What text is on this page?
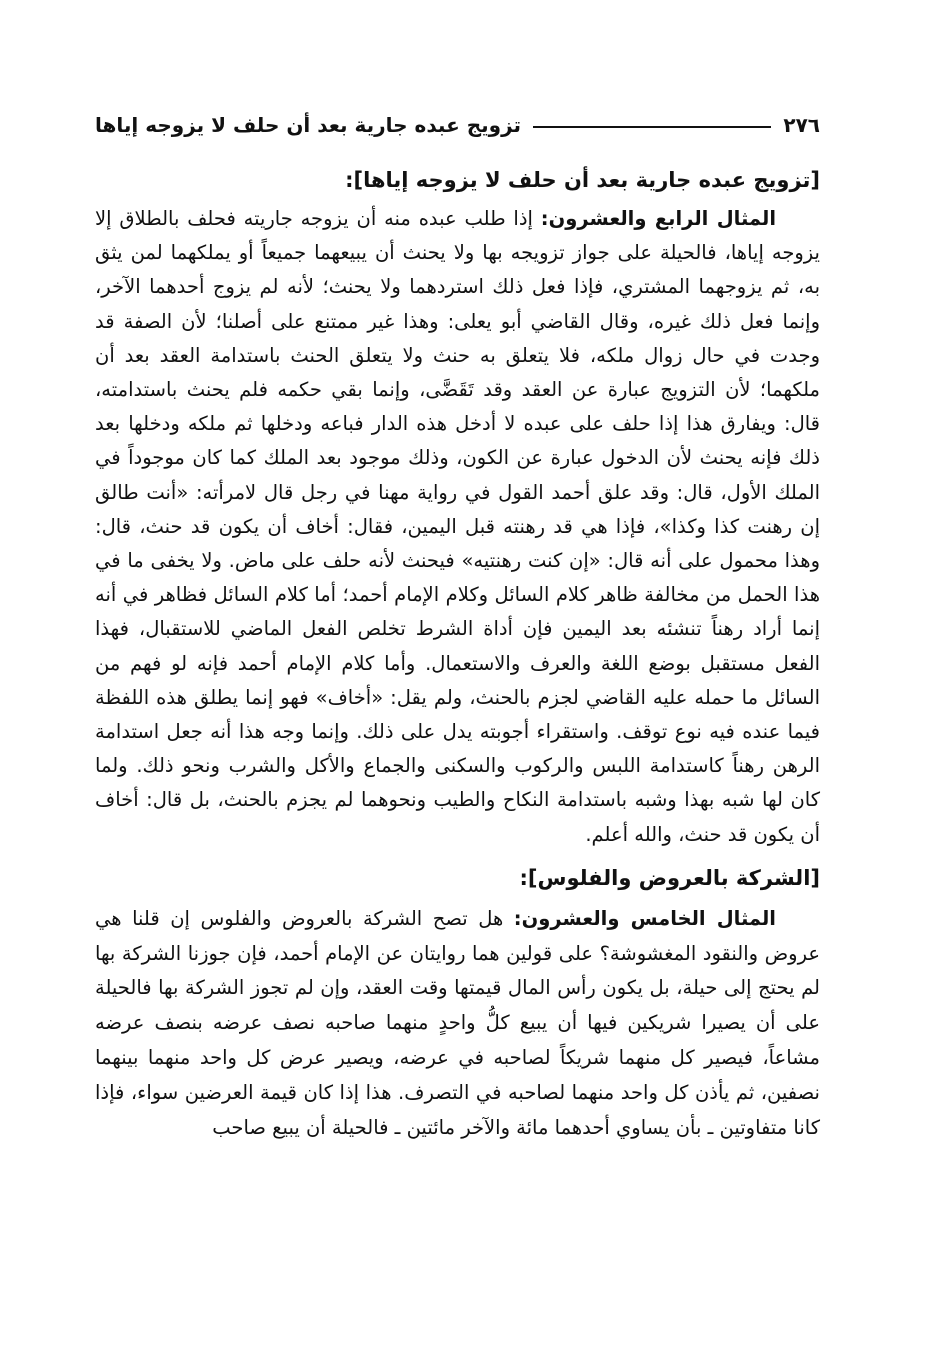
٢٧٦
تزويج عبده جارية بعد أن حلف لا يزوجه إياها
[تزويج عبده جارية بعد أن حلف لا يزوجه إياها]:

المثال الرابع والعشرون: إذا طلب عبده منه أن يزوجه جاريته فحلف بالطلاق إلا يزوجه إياها، فالحيلة على جواز تزويجه بها ولا يحنث أن يبيعهما جميعاً أو يملكهما لمن يثق به، ثم يزوجهما المشتري، فإذا فعل ذلك استردهما ولا يحنث؛ لأنه لم يزوج أحدهما الآخر، وإنما فعل ذلك غيره، وقال القاضي أبو يعلى: وهذا غير ممتنع على أصلنا؛ لأن الصفة قد وجدت في حال زوال ملكه، فلا يتعلق به حنث ولا يتعلق الحنث باستدامة العقد بعد أن ملكهما؛ لأن التزويج عبارة عن العقد وقد تَقَضَّى، وإنما بقي حكمه فلم يحنث باستدامته، قال: ويفارق هذا إذا حلف على عبده لا أدخل هذه الدار فباعه ودخلها ثم ملكه ودخلها بعد ذلك فإنه يحنث لأن الدخول عبارة عن الكون، وذلك موجود بعد الملك كما كان موجوداً في الملك الأول، قال: وقد علق أحمد القول في رواية مهنا في رجل قال لامرأته: «أنت طالق إن رهنت كذا وكذا»، فإذا هي قد رهنته قبل اليمين، فقال: أخاف أن يكون قد حنث، قال: وهذا محمول على أنه قال: «إن كنت رهنتيه» فيحنث لأنه حلف على ماض. ولا يخفى ما في هذا الحمل من مخالفة ظاهر كلام السائل وكلام الإمام أحمد؛ أما كلام السائل فظاهر في أنه إنما أراد رهناً تنشئه بعد اليمين فإن أداة الشرط تخلص الفعل الماضي للاستقبال، فهذا الفعل مستقبل بوضع اللغة والعرف والاستعمال. وأما كلام الإمام أحمد فإنه لو فهم من السائل ما حمله عليه القاضي لجزم بالحنث، ولم يقل: «أخاف» فهو إنما يطلق هذه اللفظة فيما عنده فيه نوع توقف. واستقراء أجوبته يدل على ذلك. وإنما وجه هذا أنه جعل استدامة الرهن رهناً كاستدامة اللبس والركوب والسكنى والجماع والأكل والشرب ونحو ذلك. ولما كان لها شبه بهذا وشبه باستدامة النكاح والطيب ونحوهما لم يجزم بالحنث، بل قال: أخاف أن يكون قد حنث، والله أعلم.

[الشركة بالعروض والفلوس]:

المثال الخامس والعشرون: هل تصح الشركة بالعروض والفلوس إن قلنا هي عروض والنقود المغشوشة؟ على قولين هما روايتان عن الإمام أحمد، فإن جوزنا الشركة بها لم يحتج إلى حيلة، بل يكون رأس المال قيمتها وقت العقد، وإن لم تجوز الشركة بها فالحيلة على أن يصيرا شريكين فيها أن يبيع كلُّ واحدٍ منهما صاحبه نصف عرضه بنصف عرضه مشاعاً، فيصير كل منهما شريكاً لصاحبه في عرضه، ويصير عرض كل واحد منهما بينهما نصفين، ثم يأذن كل واحد منهما لصاحبه في التصرف. هذا إذا كان قيمة العرضين سواء، فإذا كانا متفاوتين ـ بأن يساوي أحدهما مائة والآخر مائتين ـ فالحيلة أن يبيع صاحب
